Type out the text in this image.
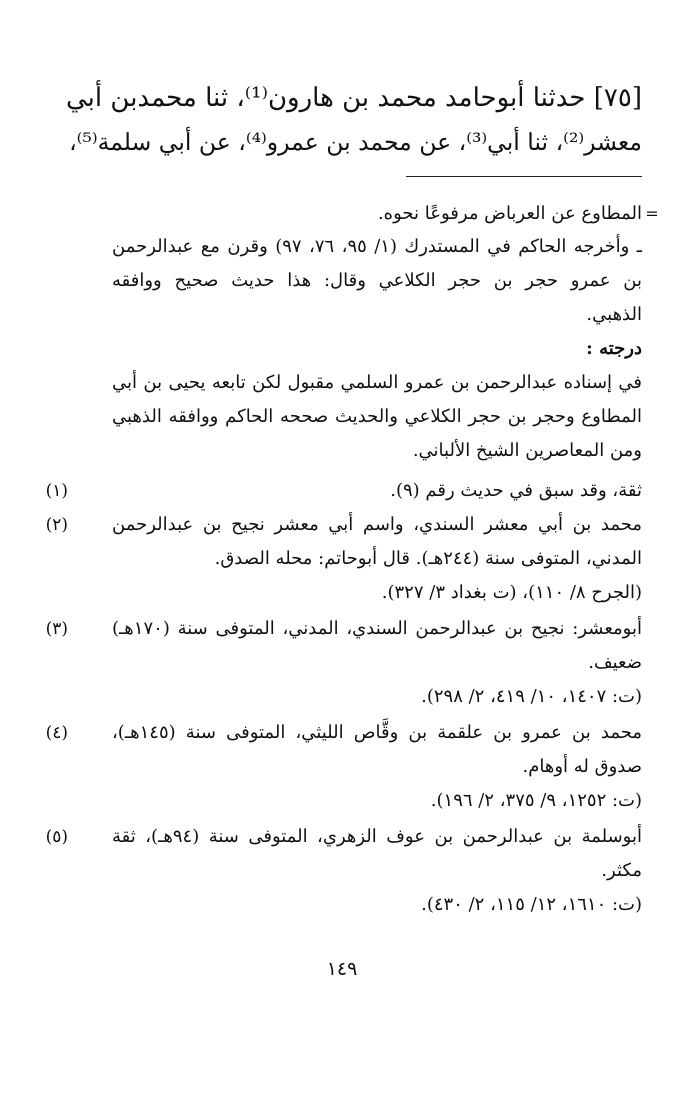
[٧٥] حدثنا أبوحامد محمد بن هارون⁽¹⁾، ثنا محمدبن أبي
معشر⁽²⁾، ثنا أبي⁽³⁾، عن محمد بن عمرو⁽⁴⁾، عن أبي سلمة⁽⁵⁾،
=
المطاوع عن العرباض مرفوعًا نحوه.
ـ وأخرجه الحاكم في المستدرك (١/ ٩٥، ٧٦، ٩٧) وقرن مع عبدالرحمن
بن عمرو حجر بن حجر الكلاعي وقال: هذا حديث صحيح ووافقه
الذهبي.
درجته :
في إسناده عبدالرحمن بن عمرو السلمي مقبول لكن تابعه يحيى بن أبي
المطاوع وحجر بن حجر الكلاعي والحديث صححه الحاكم ووافقه الذهبي
ومن المعاصرين الشيخ الألباني.
(١)	ثقة، وقد سبق في حديث رقم (٩).
(٢) محمد بن أبي معشر السندي، واسم أبي معشر نجيح بن عبدالرحمن
المدني، المتوفى سنة (٢٤٤هـ). قال أبوحاتم: محله الصدق.
(الجرح ٨/ ١١٠)، (ت بغداد ٣/ ٣٢٧).
(٣) أبومعشر: نجيح بن عبدالرحمن السندي، المدني، المتوفى سنة (١٧٠هـ)
ضعيف.
(ت: ١٤٠٧، ١٠/ ٤١٩، ٢/ ٢٩٨).
(٤) محمد بن عمرو بن علقمة بن وقَّاص الليثي، المتوفى سنة (١٤٥هـ)،
صدوق له أوهام.
(ت: ١٢٥٢، ٩/ ٣٧٥، ٢/ ١٩٦).
(٥) أبوسلمة بن عبدالرحمن بن عوف الزهري، المتوفى سنة (٩٤هـ)، ثقة
مكثر.
(ت: ١٦١٠، ١٢/ ١١٥، ٢/ ٤٣٠).
١٤٩
